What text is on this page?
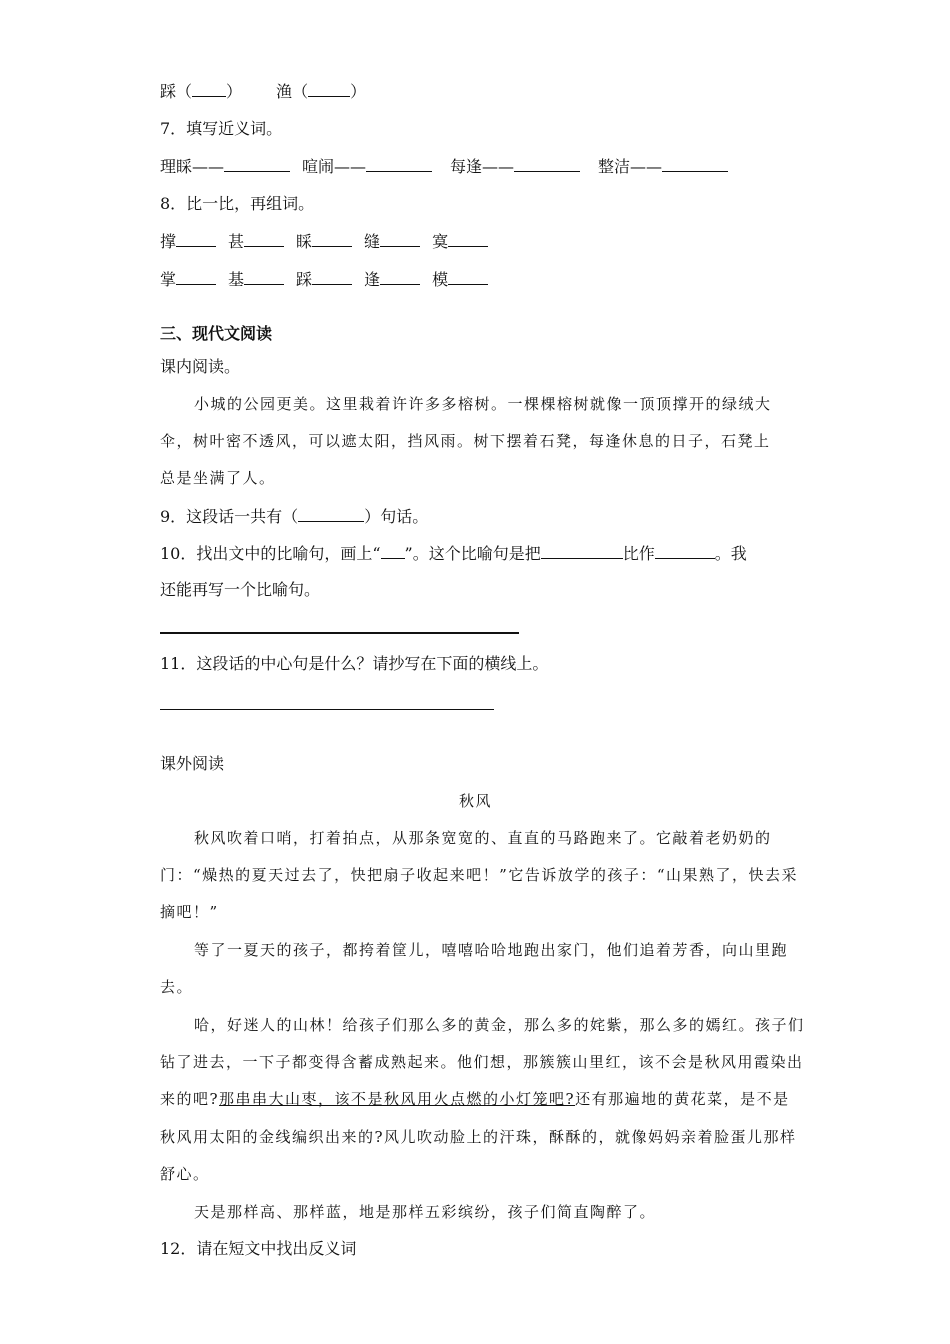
踩（ ） 渔（	）
7．填写近义词。
理睬——	喧闹——	每逢——	整洁——
8．比一比，再组词。
撑	甚	睬	缝	寞
掌	基	踩	逢	模
三、现代文阅读
课内阅读。
小城的公园更美。这里栽着许许多多榕树。一棵棵榕树就像一顶顶撑开的绿绒大
伞，树叶密不透风，可以遮太阳，挡风雨。树下摆着石凳，每逢休息的日子，石凳上
总是坐满了人。
9．这段话一共有（	）句话。
10．找出文中的比喻句，画上“ ”。这个比喻句是把	比作	。我
还能再写一个比喻句。
11．这段话的中心句是什么？请抄写在下面的横线上。
课外阅读
秋风
秋风吹着口哨，打着拍点，从那条宽宽的、直直的马路跑来了。它敲着老奶奶的
门：“燥热的夏天过去了，快把扇子收起来吧！”它告诉放学的孩子：“山果熟了，快去采
摘吧！”
等了一夏天的孩子，都挎着筐儿，嘻嘻哈哈地跑出家门，他们追着芳香，向山里跑
去。
哈，好迷人的山林！给孩子们那么多的黄金，那么多的姹紫，那么多的嫣红。孩子们
钻了进去，一下子都变得含蓄成熟起来。他们想，那簇簇山里红，该不会是秋风用霞染出
来的吧?那串串大山枣，该不是秋风用火点燃的小灯笼吧?还有那遍地的黄花菜，是不是
秋风用太阳的金线编织出来的?风儿吹动脸上的汗珠，酥酥的，就像妈妈亲着脸蛋儿那样
舒心。
天是那样高、那样蓝，地是那样五彩缤纷，孩子们简直陶醉了。
12．请在短文中找出反义词
